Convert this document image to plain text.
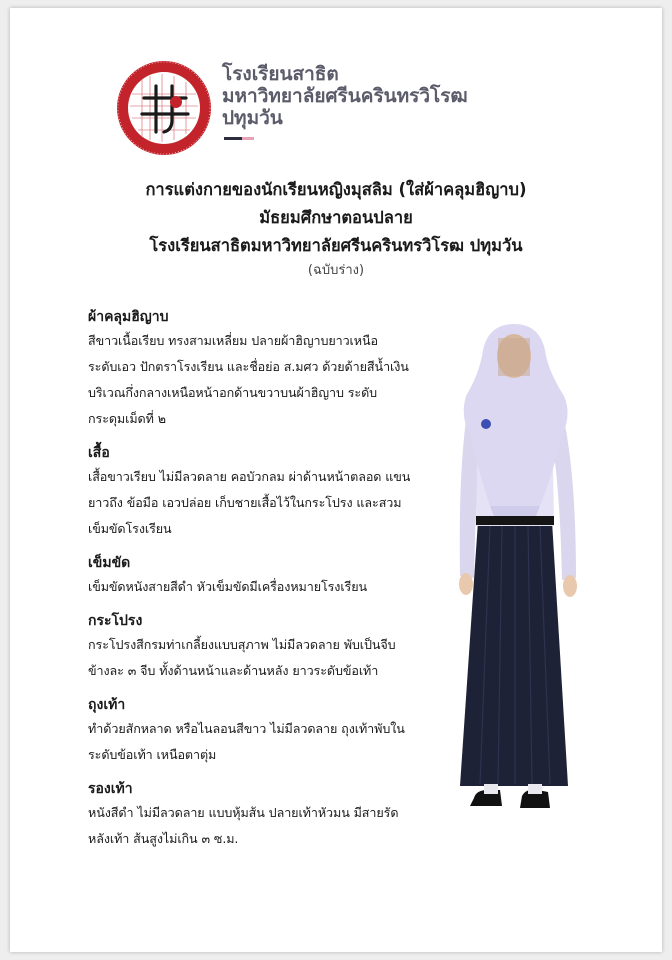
โรงเรียนสาธิต
มหาวิทยาลัยศรีนครินทรวิโรฒ
ปทุมวัน
การแต่งกายของนักเรียนหญิงมุสลิม (ใส่ผ้าคลุมฮิญาบ)
มัธยมศึกษาตอนปลาย
โรงเรียนสาธิตมหาวิทยาลัยศรีนครินทรวิโรฒ ปทุมวัน
(ฉบับร่าง)
ผ้าคลุมฮิญาบ

สีขาวเนื้อเรียบ ทรงสามเหลี่ยม ปลายผ้าฮิญาบยาวเหนือ

ระดับเอว ปักตราโรงเรียน และชื่อย่อ ส.มศว ด้วยด้ายสีน้ำเงิน

บริเวณกึ่งกลางเหนือหน้าอกด้านขวาบนผ้าฮิญาบ ระดับ

กระดุมเม็ดที่ ๒

เสื้อ

เสื้อขาวเรียบ ไม่มีลวดลาย คอบัวกลม ผ่าด้านหน้าตลอด แขน

ยาวถึง ข้อมือ เอวปล่อย เก็บชายเสื้อไว้ในกระโปรง และสวม

เข็มขัดโรงเรียน

เข็มขัด

เข็มขัดหนังสายสีดำ หัวเข็มขัดมีเครื่องหมายโรงเรียน

กระโปรง

กระโปรงสีกรมท่าเกลี้ยงแบบสุภาพ ไม่มีลวดลาย พับเป็นจีบ

ข้างละ ๓ จีบ ทั้งด้านหน้าและด้านหลัง ยาวระดับข้อเท้า

ถุงเท้า

ทำด้วยสักหลาด หรือไนลอนสีขาว ไม่มีลวดลาย ถุงเท้าพับใน

ระดับข้อเท้า เหนือตาตุ่ม

รองเท้า

หนังสีดำ ไม่มีลวดลาย แบบหุ้มส้น ปลายเท้าหัวมน มีสายรัด

หลังเท้า ส้นสูงไม่เกิน ๓ ซ.ม.
